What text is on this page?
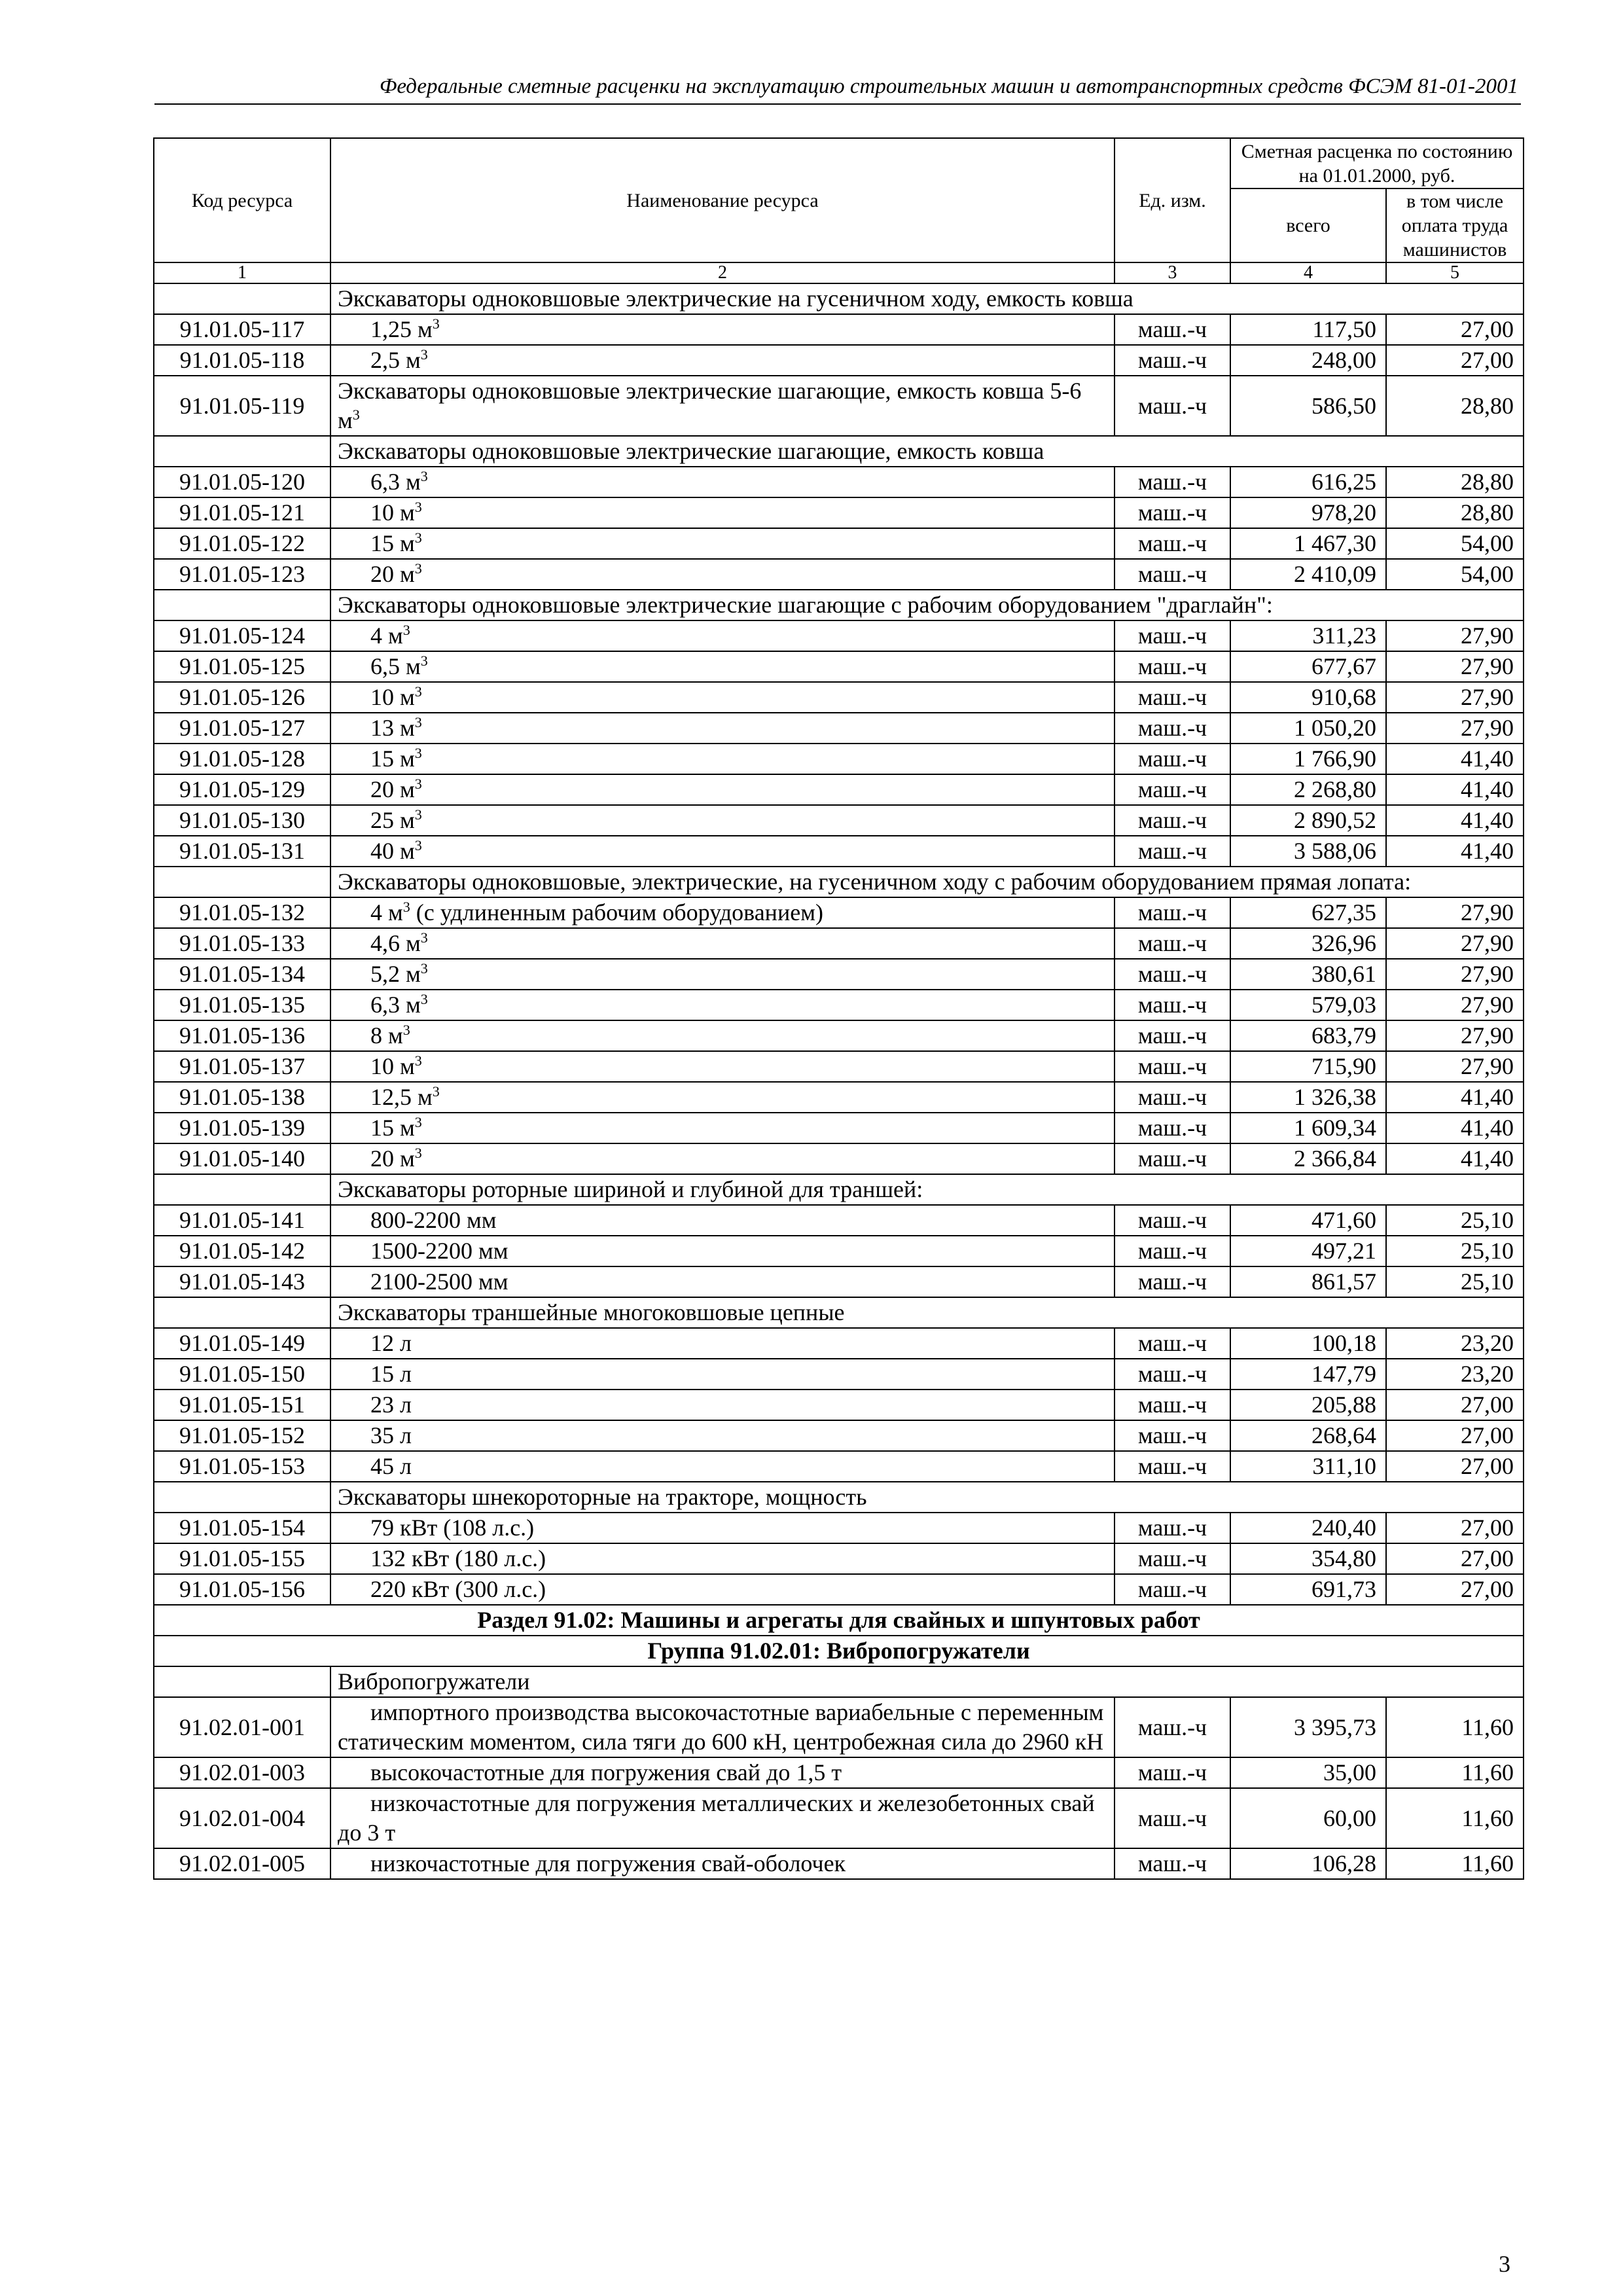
Федеральные сметные расценки на эксплуатацию строительных машин и автотранспортных средств ФСЭМ 81-01-2001
Код ресурса	Наименование ресурса	Ед. изм.	Сметная расценка по состоянию на 01.01.2000, руб.	
			всего	в том числе оплата труда машинистов
1	2	3	4	5
	Экскаваторы одноковшовые электрические на гусеничном ходу, емкость ковша			
91.01.05-117	1,25 $м^3$	маш.-ч	117,50	27,00
91.01.05-118	2,5 $м^3$	маш.-ч	248,00	27,00
91.01.05-119	Экскаваторы одноковшовые электрические шагающие, емкость ковша 5-6 $м^3$	маш.-ч	586,50	28,80
	Экскаваторы одноковшовые электрические шагающие, емкость ковша			
91.01.05-120	6,3 $м^3$	маш.-ч	616,25	28,80
91.01.05-121	10 $м^3$	маш.-ч	978,20	28,80
91.01.05-122	15 $м^3$	маш.-ч	1 467,30	54,00
91.01.05-123	20 $м^3$	маш.-ч	2 410,09	54,00
	Экскаваторы одноковшовые электрические шагающие с рабочим оборудованием "драглайн":			
91.01.05-124	4 $м^3$	маш.-ч	311,23	27,90
91.01.05-125	6,5 $м^3$	маш.-ч	677,67	27,90
91.01.05-126	10 $м^3$	маш.-ч	910,68	27,90
91.01.05-127	13 $м^3$	маш.-ч	1 050,20	27,90
91.01.05-128	15 $м^3$	маш.-ч	1 766,90	41,40
91.01.05-129	20 $м^3$	маш.-ч	2 268,80	41,40
91.01.05-130	25 $м^3$	маш.-ч	2 890,52	41,40
91.01.05-131	40 $м^3$	маш.-ч	3 588,06	41,40
	Экскаваторы одноковшовые, электрические, на гусеничном ходу с рабочим оборудованием прямая лопата:			
91.01.05-132	4 $м^3$ (с удлиненным рабочим оборудованием)	маш.-ч	627,35	27,90
91.01.05-133	4,6 $м^3$	маш.-ч	326,96	27,90
91.01.05-134	5,2 $м^3$	маш.-ч	380,61	27,90
91.01.05-135	6,3 $м^3$	маш.-ч	579,03	27,90
91.01.05-136	8 $м^3$	маш.-ч	683,79	27,90
91.01.05-137	10 $м^3$	маш.-ч	715,90	27,90
91.01.05-138	12,5 $м^3$	маш.-ч	1 326,38	41,40
91.01.05-139	15 $м^3$	маш.-ч	1 609,34	41,40
91.01.05-140	20 $м^3$	маш.-ч	2 366,84	41,40
	Экскаваторы роторные шириной и глубиной для траншей:			
91.01.05-141	800-2200 мм	маш.-ч	471,60	25,10
91.01.05-142	1500-2200 мм	маш.-ч	497,21	25,10
91.01.05-143	2100-2500 мм	маш.-ч	861,57	25,10
	Экскаваторы траншейные многоковшовые цепные			
91.01.05-149	12 л	маш.-ч	100,18	23,20
91.01.05-150	15 л	маш.-ч	147,79	23,20
91.01.05-151	23 л	маш.-ч	205,88	27,00
91.01.05-152	35 л	маш.-ч	268,64	27,00
91.01.05-153	45 л	маш.-ч	311,10	27,00
	Экскаваторы шнекороторные на тракторе, мощность			
91.01.05-154	79 кВт (108 л.с.)	маш.-ч	240,40	27,00
91.01.05-155	132 кВт (180 л.с.)	маш.-ч	354,80	27,00
91.01.05-156	220 кВт (300 л.с.)	маш.-ч	691,73	27,00
Раздел 91.02: Машины и агрегаты для свайных и шпунтовых работ				
Группа 91.02.01: Вибропогружатели				
	Вибропогружатели			
91.02.01-001	импортного производства высокочастотные вариабельные с переменным статическим моментом, сила тяги до 600 кН, центробежная сила до 2960 кН	маш.-ч	3 395,73	11,60
91.02.01-003	высокочастотные для погружения свай до 1,5 т	маш.-ч	35,00	11,60
91.02.01-004	низкочастотные для погружения металлических и железобетонных свай до 3 т	маш.-ч	60,00	11,60
91.02.01-005	низкочастотные для погружения свай-оболочек	маш.-ч	106,28	11,60
3
